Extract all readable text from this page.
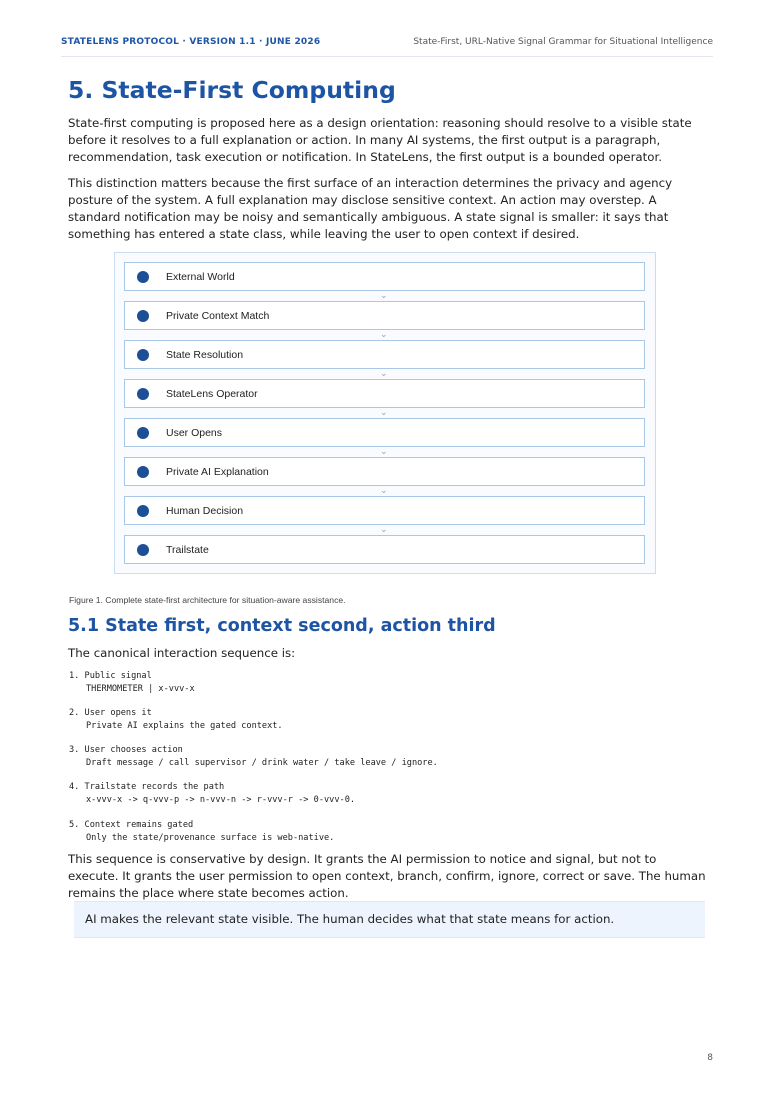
STATELENS PROTOCOL · VERSION 1.1 · JUNE 2026	State-First, URL-Native Signal Grammar for Situational Intelligence
5. State-First Computing

State-first computing is proposed here as a design orientation: reasoning should resolve to a visible state before it resolves to a full explanation or action. In many AI systems, the first output is a paragraph, recommendation, task execution or notification. In StateLens, the first output is a bounded operator.

This distinction matters because the first surface of an interaction determines the privacy and agency posture of the system. A full explanation may disclose sensitive context. An action may overstep. A standard notification may be noisy and semantically ambiguous. A state signal is smaller: it says that something has entered a state class, while leaving the user to open context if desired.

External World
⌄
Private Context Match
⌄
State Resolution
⌄
StateLens Operator
⌄
User Opens
⌄
Private AI Explanation
⌄
Human Decision
⌄
Trailstate
Figure 1. Complete state-first architecture for situation-aware assistance.
5.1 State first, context second, action third

The canonical interaction sequence is:

1. Public signal
THERMOMETER | x-vvv-x
2. User opens it
Private AI explains the gated context.
3. User chooses action
Draft message / call supervisor / drink water / take leave / ignore.
4. Trailstate records the path
x-vvv-x -> q-vvv-p -> n-vvv-n -> r-vvv-r -> 0-vvv-0.
5. Context remains gated
Only the state/provenance surface is web-native.

This sequence is conservative by design. It grants the AI permission to notice and signal, but not to execute. It grants the user permission to open context, branch, confirm, ignore, correct or save. The human remains the place where state becomes action.

AI makes the relevant state visible. The human decides what that state means for action.
8
